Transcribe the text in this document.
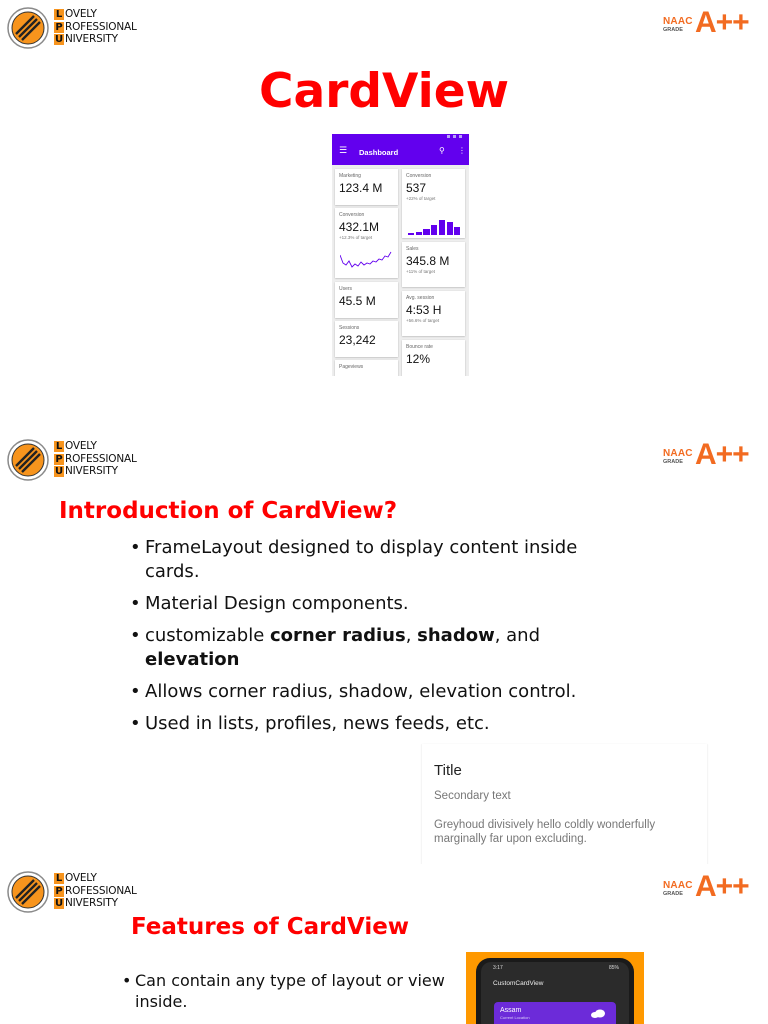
L OVELY
P ROFESSIONAL
U NIVERSITY
NAAC
GRADE A++
CardView
☰ Dashboard	⚲ ⋮
Marketing
123.4 M
Conversion
432.1M
+12.3% of target
Users
45.5 M
Sessions
23,242
Pageviews
Conversion
537
+22% of target
Sales
345.8 M
+11% of target
Avg. session
4:53 H
+56.6% of target
Bounce rate
12%
L OVELY
P ROFESSIONAL
U NIVERSITY
NAAC
GRADE A++
Introduction of CardView?
• FrameLayout designed to display content inside cards.
• Material Design components.
• customizable corner radius, shadow, and elevation
• Allows corner radius, shadow, elevation control.
• Used in lists, profiles, news feeds, etc.
Title
Secondary text
Greyhoud divisively hello coldly wonderfully marginally far upon excluding.
L OVELY
P ROFESSIONAL
U NIVERSITY
NAAC
GRADE A++
Features of CardView
• Can contain any type of layout or view inside.
3:17	85%
CustomCardView
Assam
Current Location
